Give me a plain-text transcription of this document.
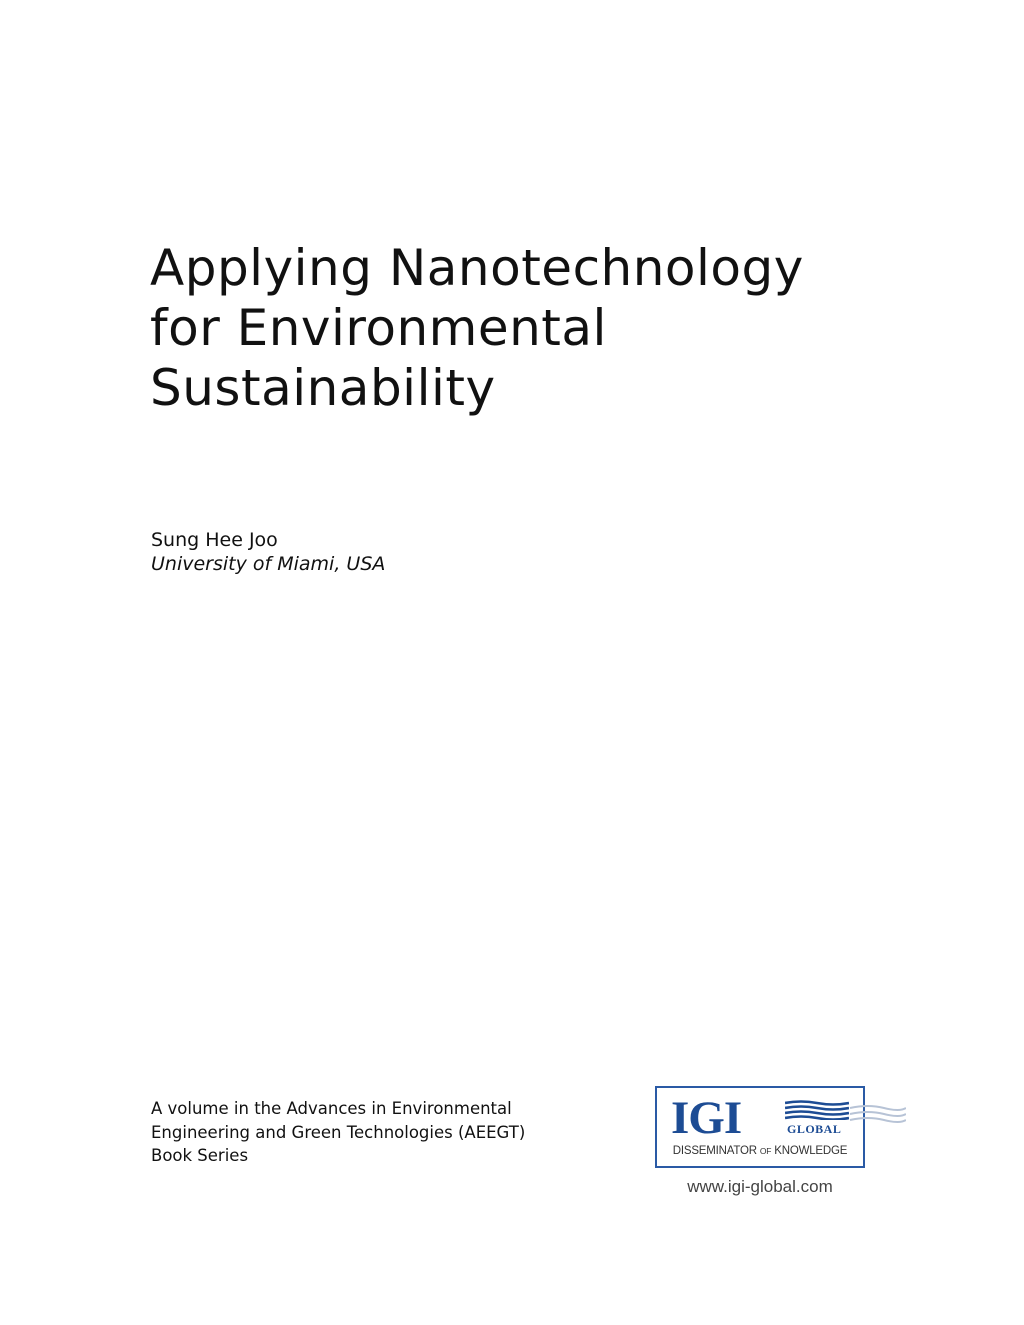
Applying Nanotechnology
for Environmental
Sustainability
Sung Hee Joo
University of Miami, USA
A volume in the Advances in Environmental
Engineering and Green Technologies (AEEGT)
Book Series
IGI	GLOBAL
DISSEMINATOR OF KNOWLEDGE
www.igi-global.com
